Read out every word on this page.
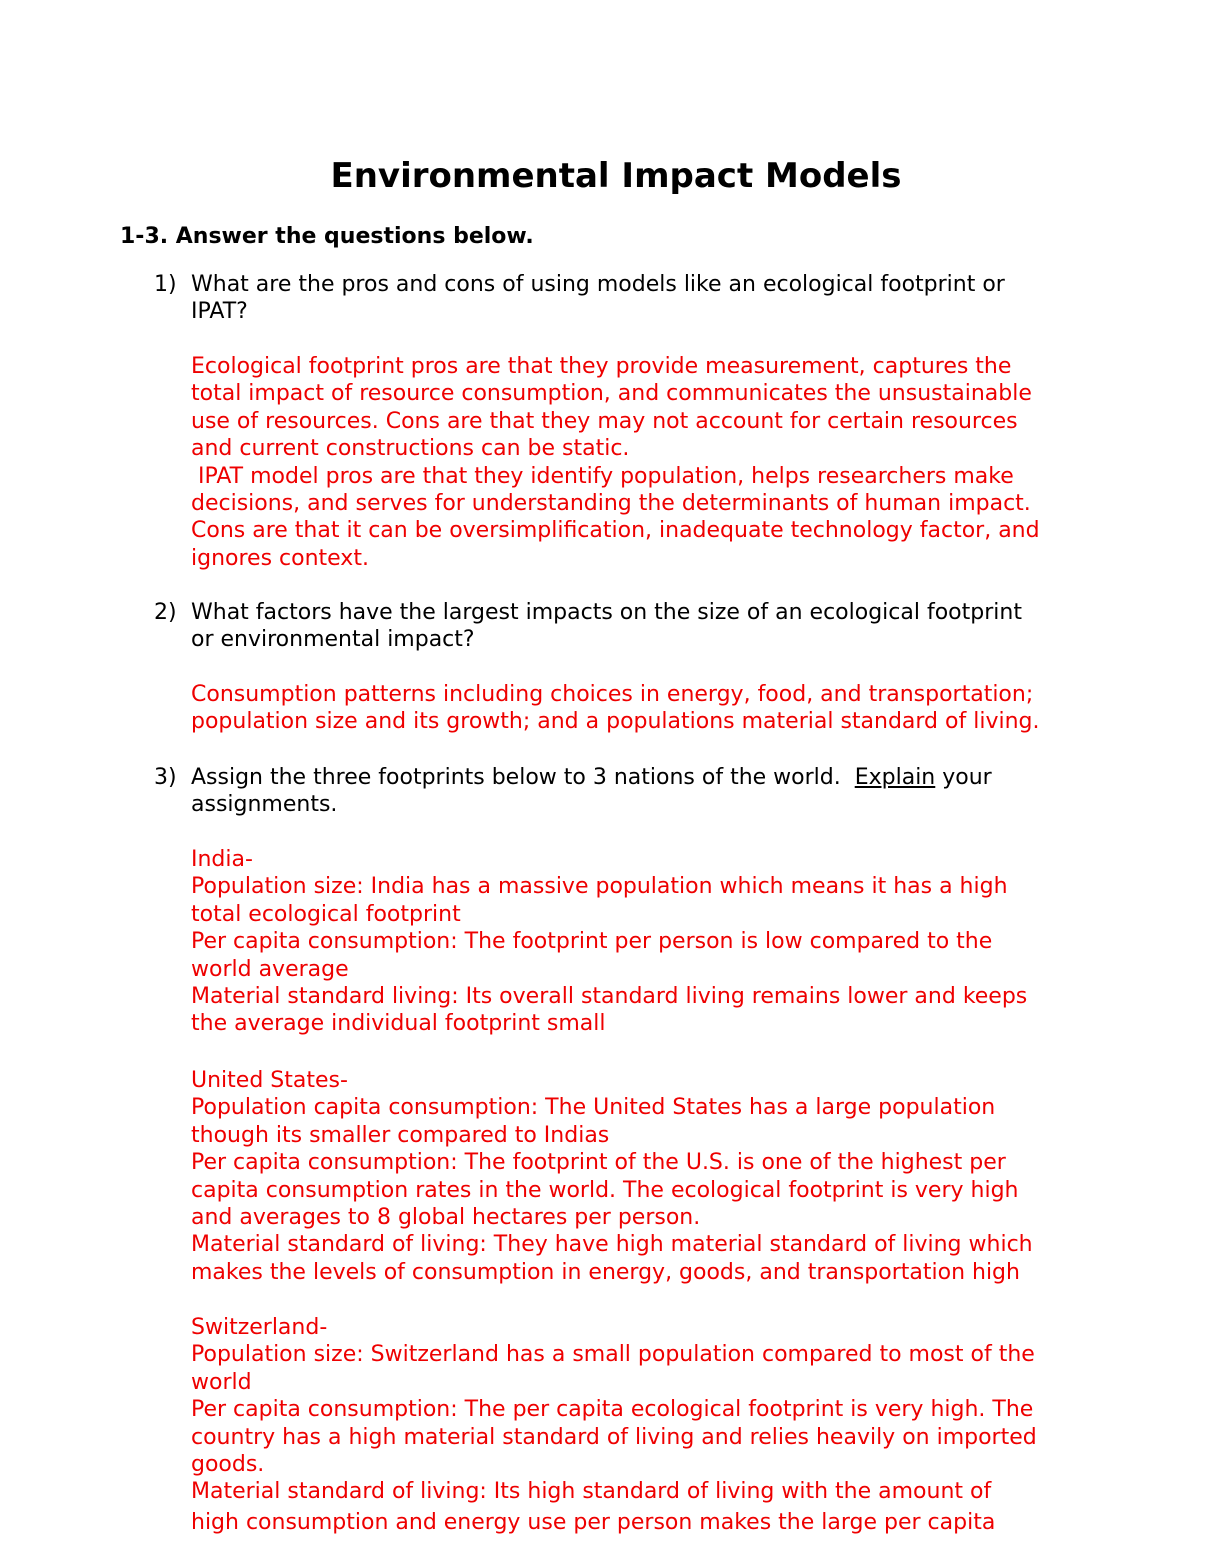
Environmental Impact Models

1-3. Answer the questions below.

1) What are the pros and cons of using models like an ecological footprint or
IPAT?
Ecological footprint pros are that they provide measurement, captures the
total impact of resource consumption, and communicates the unsustainable
use of resources. Cons are that they may not account for certain resources
and current constructions can be static.
IPAT model pros are that they identify population, helps researchers make
decisions, and serves for understanding the determinants of human impact.
Cons are that it can be oversimplification, inadequate technology factor, and
ignores context.
2) What factors have the largest impacts on the size of an ecological footprint
or environmental impact?
Consumption patterns including choices in energy, food, and transportation;
population size and its growth; and a populations material standard of living.
3) Assign the three footprints below to 3 nations of the world.  Explain your
assignments.
India-
Population size: India has a massive population which means it has a high
total ecological footprint
Per capita consumption: The footprint per person is low compared to the
world average
Material standard living: Its overall standard living remains lower and keeps
the average individual footprint small
United States-
Population capita consumption: The United States has a large population
though its smaller compared to Indias
Per capita consumption: The footprint of the U.S. is one of the highest per
capita consumption rates in the world. The ecological footprint is very high
and averages to 8 global hectares per person.
Material standard of living: They have high material standard of living which
makes the levels of consumption in energy, goods, and transportation high
Switzerland-
Population size: Switzerland has a small population compared to most of the
world
Per capita consumption: The per capita ecological footprint is very high. The
country has a high material standard of living and relies heavily on imported
goods.
Material standard of living: Its high standard of living with the amount of
high consumption and energy use per person makes the large per capita
